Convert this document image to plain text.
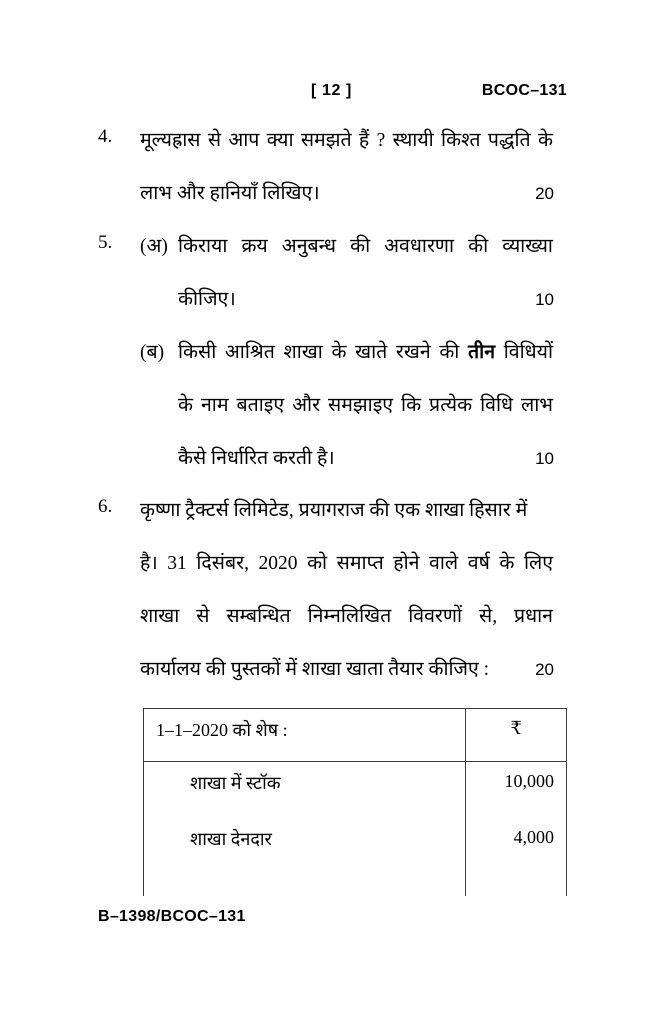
[ 12 ]	BCOC–131
4.	मूल्यह्रास से आप क्या समझते हैं ? स्थायी किश्त पद्धति के
लाभ और हानियाँ लिखिए।	20
5.	(अ) किराया क्रय अनुबन्ध की अवधारणा की व्याख्या
कीजिए।	10
(ब) किसी आश्रित शाखा के खाते रखने की तीन विधियों
के नाम बताइए और समझाइए कि प्रत्येक विधि लाभ
कैसे निर्धारित करती है।	10
6.	कृष्णा ट्रैक्टर्स लिमिटेड, प्रयागराज की एक शाखा हिसार में
है। 31 दिसंबर, 2020 को समाप्त होने वाले वर्ष के लिए
शाखा से सम्बन्धित निम्नलिखित विवरणों से, प्रधान
कार्यालय की पुस्तकों में शाखा खाता तैयार कीजिए :	20
1–1–2020 को शेष :	₹
शाखा में स्टॉक	10,000
शाखा देनदार	4,000
B–1398/BCOC–131
